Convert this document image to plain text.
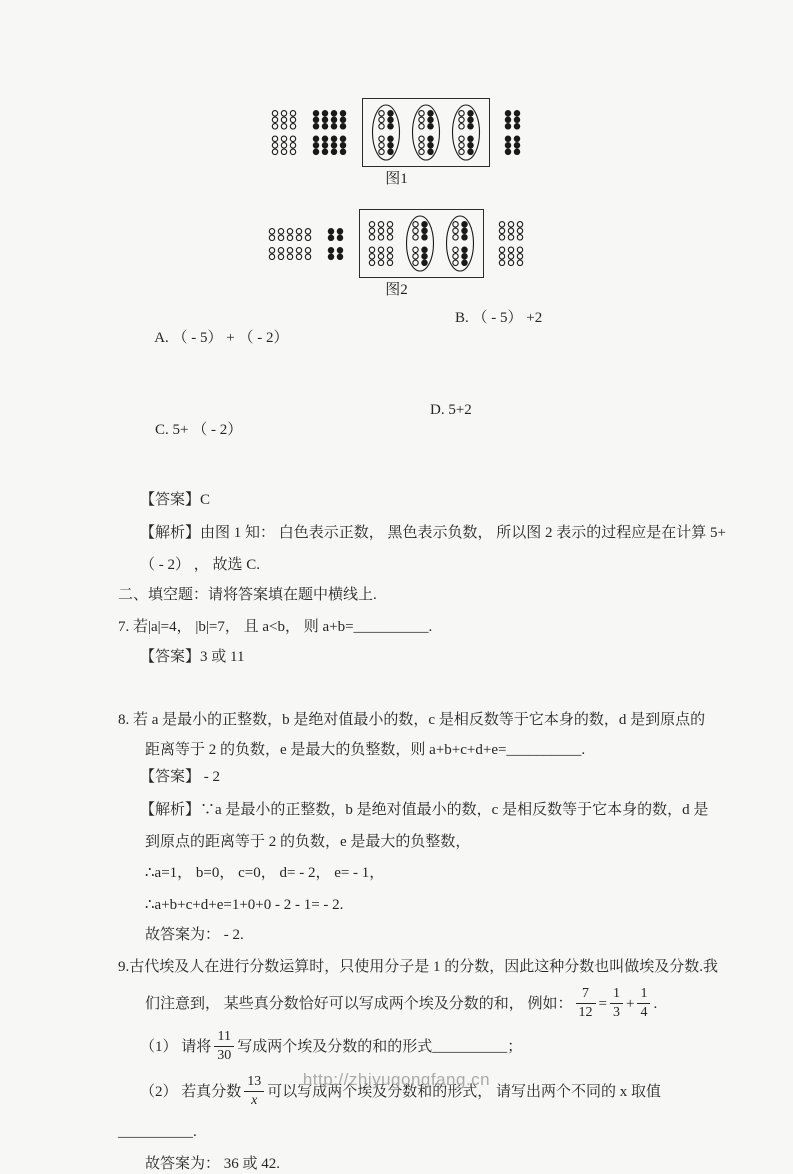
图1
图2

A. （ - 5） + （ - 2）

B. （ - 5） +2

C. 5+ （ - 2）

D. 5+2

【答案】C
【解析】由图 1 知： 白色表示正数， 黑色表示负数， 所以图 2 表示的过程应是在计算 5+
（ - 2） ， 故选 C.
二、填空题：请将答案填在题中横线上.
7. 若|a|=4， |b|=7， 且 a<b， 则 a+b=__________.
【答案】3 或 11
8. 若 a 是最小的正整数，b 是绝对值最小的数，c 是相反数等于它本身的数，d 是到原点的
距离等于 2 的负数，e 是最大的负整数，则 a+b+c+d+e=__________.
【答案】 - 2
【解析】∵a 是最小的正整数，b 是绝对值最小的数，c 是相反数等于它本身的数，d 是
到原点的距离等于 2 的负数，e 是最大的负整数，
∴a=1， b=0， c=0， d= - 2， e= - 1，
∴a+b+c+d+e=1+0+0 - 2 - 1= - 2.
故答案为： - 2.
9.古代埃及人在进行分数运算时，只使用分子是 1 的分数，因此这种分数也叫做埃及分数.我
们注意到， 某些真分数恰好可以写成两个埃及分数的和， 例如： $\frac{7}{12} = \frac{1}{3} + \frac{1}{4}$ .
（1） 请将 $\frac{11}{30}$ 写成两个埃及分数的和的形式__________；
（2） 若真分数 $\frac{13}{x}$ 可以写成两个埃及分数和的形式， 请写出两个不同的 x 取值
__________.
故答案为： 36 或 42.
http://zhiyugongfang.cn
